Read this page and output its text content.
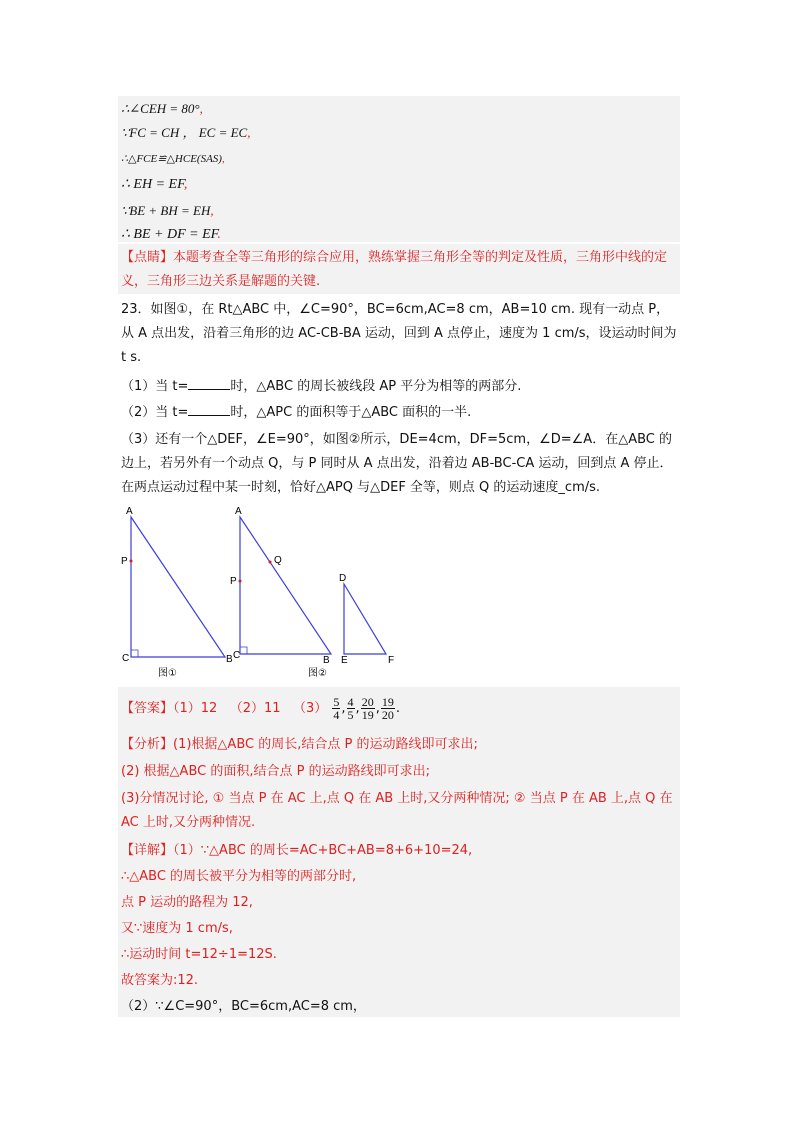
∴∠CEH = 80°,
∵FC = CH ， EC = EC,
∴△FCE≌△HCE(SAS),
∴ EH = EF,
∵BE + BH = EH,
∴ BE + DF = EF.
【点睛】本题考查全等三角形的综合应用，熟练掌握三角形全等的判定及性质，三角形中线的定义，三角形三边关系是解题的关键.
23．如图①，在 Rt△ABC 中，∠C=90°，BC=6cm,AC=8 cm，AB=10 cm. 现有一动点 P，从 A 点出发，沿着三角形的边 AC-CB-BA 运动，回到 A 点停止，速度为 1 cm/s，设运动时间为 t s.
（1）当 t=	时，△ABC 的周长被线段 AP 平分为相等的两部分.
（2）当 t=	时，△APC 的面积等于△ABC 面积的一半.
（3）还有一个△DEF，∠E=90°，如图②所示，DE=4cm，DF=5cm，∠D=∠A．在△ABC 的边上，若另外有一个动点 Q，与 P 同时从 A 点出发，沿着边 AB-BC-CA 运动，回到点 A 停止．在两点运动过程中某一时刻，恰好△APQ 与△DEF 全等，则点 Q 的运动速度_cm/s.
A
P
C	B
图①
A
Q
P
C	B
D
E	F
图②
【答案】（1）12 （2）11 $(3) \frac{5}{4}$ , $\frac{4}{5}$ , $\frac{20}{19}$ , $\frac{19}{20}$ .
【分析】(1)根据△ABC 的周长,结合点 P 的运动路线即可求出;
(2) 根据△ABC 的面积,结合点 P 的运动路线即可求出;
(3)分情况讨论, ① 当点 P 在 AC 上,点 Q 在 AB 上时,又分两种情况; ② 当点 P 在 AB 上,点 Q 在 AC 上时,又分两种情况.
【详解】（1）∵△ABC 的周长=AC+BC+AB=8+6+10=24,
∴△ABC 的周长被平分为相等的两部分时,
点 P 运动的路程为 12,
又∵速度为 1 cm/s,
∴运动时间 t=12÷1=12S.
故答案为:12.
（2）∵∠C=90°，BC=6cm,AC=8 cm，
